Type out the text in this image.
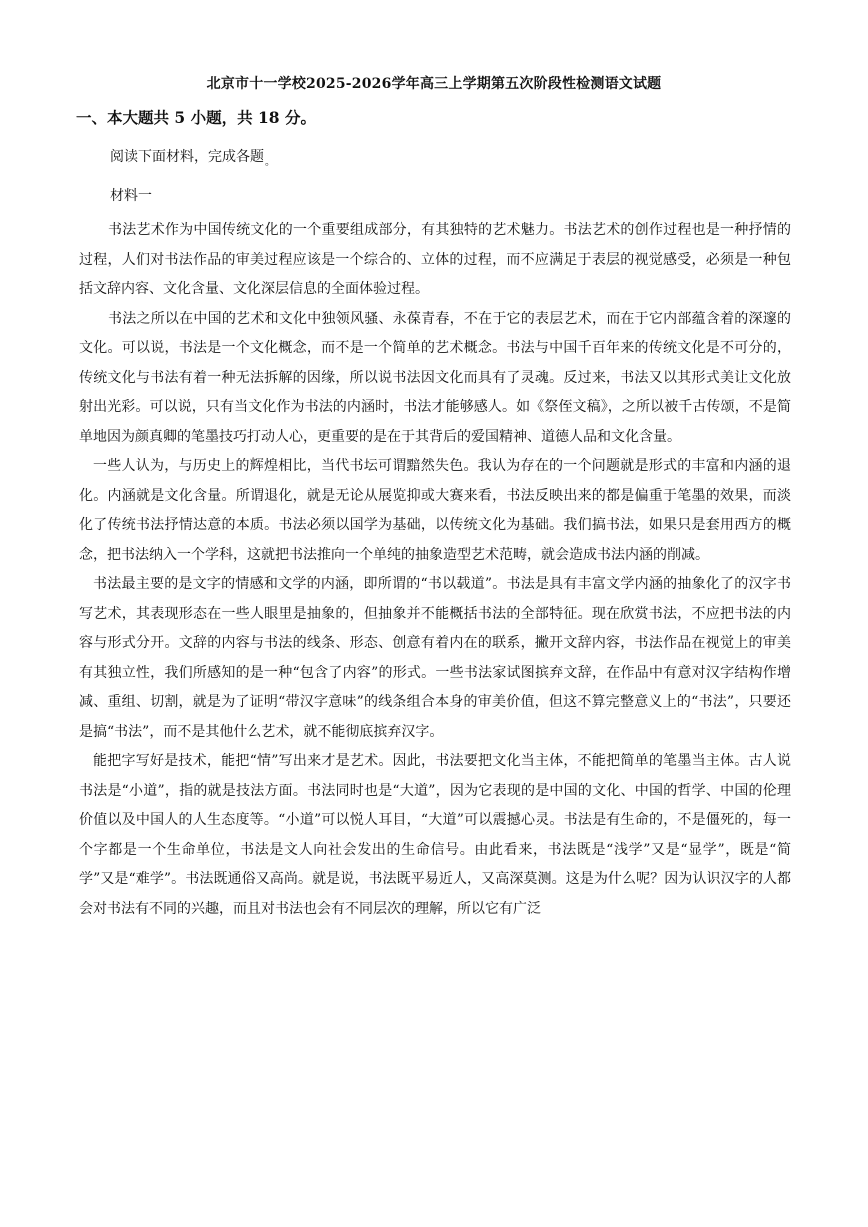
北京市十一学校2025-2026学年高三上学期第五次阶段性检测语文试题
一、本大题共 5 小题，共 18 分。
阅读下面材料，完成各题$_。$
材料一

书法艺术作为中国传统文化的一个重要组成部分，有其独特的艺术魅力。书法艺术的创作过程也是一种抒情的过程，人们对书法作品的审美过程应该是一个综合的、立体的过程，而不应满足于表层的视觉感受，必须是一种包括文辞内容、文化含量、文化深层信息的全面体验过程。

书法之所以在中国的艺术和文化中独领风骚、永葆青春，不在于它的表层艺术，而在于它内部蕴含着的深邃的文化。可以说，书法是一个文化概念，而不是一个简单的艺术概念。书法与中国千百年来的传统文化是不可分的，传统文化与书法有着一种无法拆解的因缘，所以说书法因文化而具有了灵魂。反过来，书法又以其形式美让文化放射出光彩。可以说，只有当文化作为书法的内涵时，书法才能够感人。如《祭侄文稿》，之所以被千古传颂，不是简单地因为颜真卿的笔墨技巧打动人心，更重要的是在于其背后的爱国精神、道德人品和文化含量。

一些人认为，与历史上的辉煌相比，当代书坛可谓黯然失色。我认为存在的一个问题就是形式的丰富和内涵的退化。内涵就是文化含量。所谓退化，就是无论从展览抑或大赛来看，书法反映出来的都是偏重于笔墨的效果，而淡化了传统书法抒情达意的本质。书法必须以国学为基础，以传统文化为基础。我们搞书法，如果只是套用西方的概念，把书法纳入一个学科，这就把书法推向一个单纯的抽象造型艺术范畴，就会造成书法内涵的削减。

书法最主要的是文字的情感和文学的内涵，即所谓的“书以载道”。书法是具有丰富文学内涵的抽象化了的汉字书写艺术，其表现形态在一些人眼里是抽象的，但抽象并不能概括书法的全部特征。现在欣赏书法，不应把书法的内容与形式分开。文辞的内容与书法的线条、形态、创意有着内在的联系，撇开文辞内容，书法作品在视觉上的审美有其独立性，我们所感知的是一种“包含了内容”的形式。一些书法家试图摈弃文辞，在作品中有意对汉字结构作增减、重组、切割，就是为了证明“带汉字意味”的线条组合本身的审美价值，但这不算完整意义上的“书法”，只要还是搞“书法”，而不是其他什么艺术，就不能彻底摈弃汉字。

能把字写好是技术，能把“情”写出来才是艺术。因此，书法要把文化当主体，不能把简单的笔墨当主体。古人说书法是“小道”，指的就是技法方面。书法同时也是“大道”，因为它表现的是中国的文化、中国的哲学、中国的伦理价值以及中国人的人生态度等。“小道”可以悦人耳目，“大道”可以震撼心灵。书法是有生命的，不是僵死的，每一个字都是一个生命单位，书法是文人向社会发出的生命信号。由此看来，书法既是“浅学”又是“显学”，既是“简学”又是“难学”。书法既通俗又高尚。就是说，书法既平易近人，又高深莫测。这是为什么呢？因为认识汉字的人都会对书法有不同的兴趣，而且对书法也会有不同层次的理解，所以它有广泛
